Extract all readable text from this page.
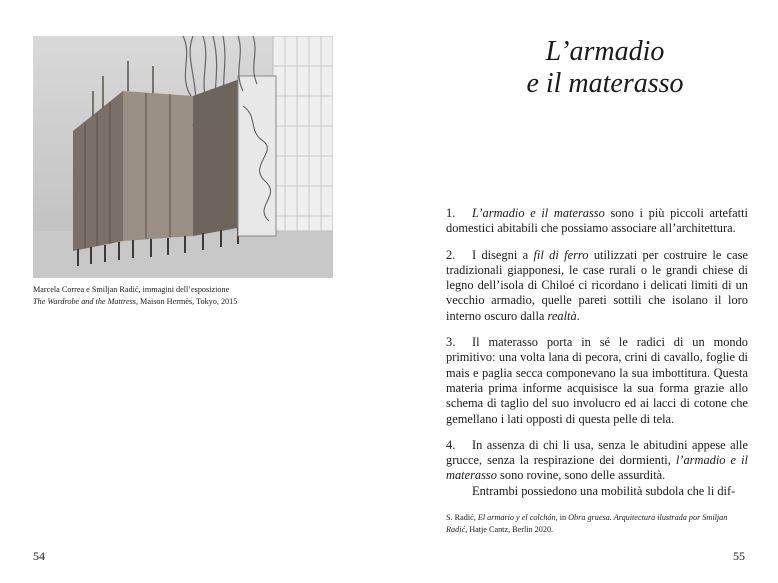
Marcela Correa e Smiljan Radić, immagini dell’esposizione
The Wardrobe and the Mattress, Maison Hermès, Tokyo, 2015
54
L’armadio
e il materasso

1. L’armadio e il materasso sono i più piccoli artefatti domestici abitabili che possiamo associare all’architettura.

2. I disegni a fil di ferro utilizzati per costruire le case tradizionali giapponesi, le case rurali o le grandi chiese di legno dell’isola di Chiloé ci ricordano i delicati limiti di un vecchio armadio, quelle pareti sottili che isolano il loro interno oscuro dalla realtà.

3. Il materasso porta in sé le radici di un mondo primitivo: una volta lana di pecora, crini di cavallo, foglie di mais e paglia secca componevano la sua imbottitura. Questa materia prima informe acquisisce la sua forma grazie allo schema di taglio del suo involucro ed ai lacci di cotone che gemellano i lati opposti di questa pelle di tela.

4. In assenza di chi li usa, senza le abitudini appese alle grucce, senza la respirazione dei dormienti, l’armadio e il materasso sono rovine, sono delle assurdità.

Entrambi possiedono una mobilità subdola che li dif-

S. Radić, El armario y el colchón, in Obra gruesa. Arquitectura ilustrada por Smiljan Radić, Hatje Cantz, Berlin 2020.
55
